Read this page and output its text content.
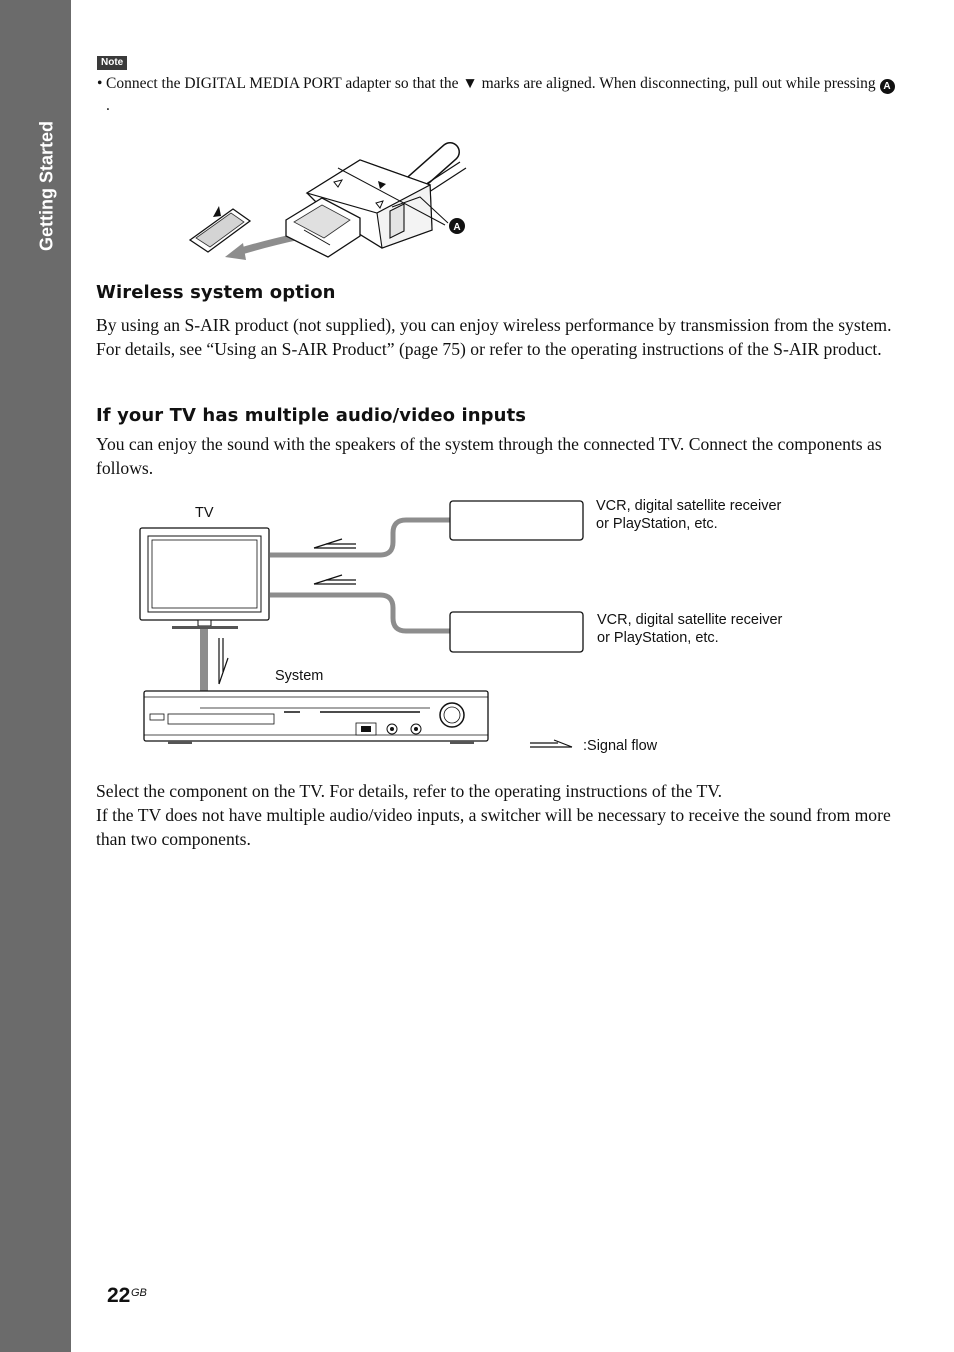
Getting Started
Note
• Connect the DIGITAL MEDIA PORT adapter so that the ▼ marks are aligned. When disconnecting, pull out while pressing A.
A
Wireless system option

By using an S-AIR product (not supplied), you can enjoy wireless performance by transmission from the system. For details, see “Using an S-AIR Product” (page 75) or refer to the operating instructions of the S-AIR product.

If your TV has multiple audio/video inputs

You can enjoy the sound with the speakers of the system through the connected TV. Connect the components as follows.

TV
System
VCR, digital satellite receiver
or PlayStation, etc.
VCR, digital satellite receiver
or PlayStation, etc.
:Signal flow

Select the component on the TV. For details, refer to the operating instructions of the TV.

If the TV does not have multiple audio/video inputs, a switcher will be necessary to receive the sound from more than two components.

22 GB
